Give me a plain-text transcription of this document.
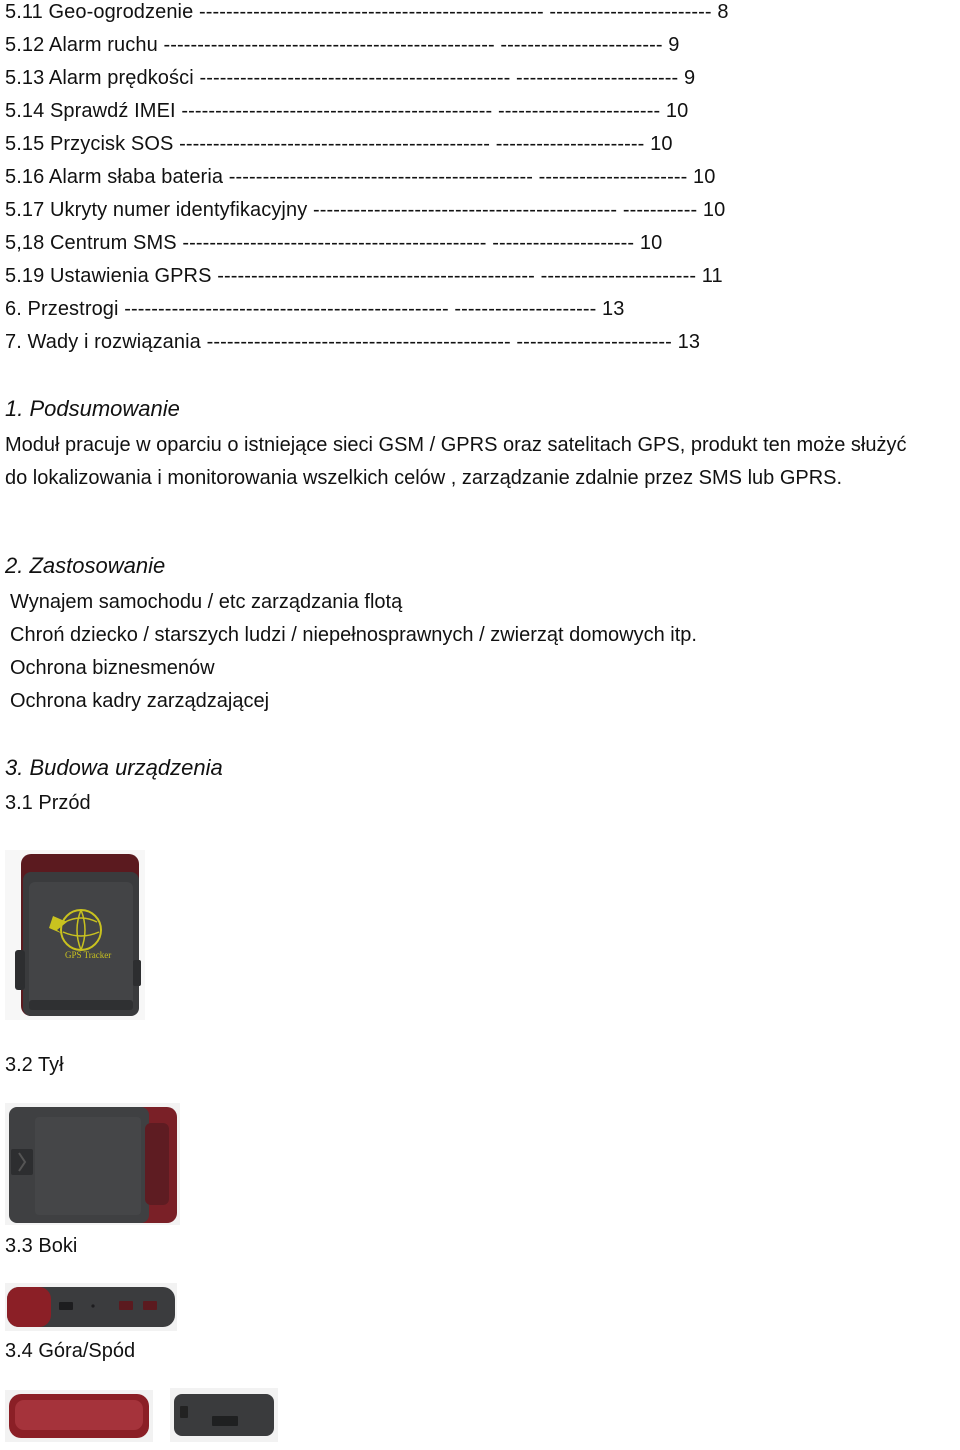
5.11 Geo-ogrodzenie --------------------------------------------------- ------------------------ 8
5.12 Alarm ruchu ------------------------------------------------- ------------------------ 9
5.13 Alarm prędkości ---------------------------------------------- ------------------------ 9
5.14 Sprawdź IMEI ---------------------------------------------- ------------------------ 10
5.15 Przycisk SOS ---------------------------------------------- ---------------------- 10
5.16 Alarm słaba bateria --------------------------------------------- ---------------------- 10
5.17 Ukryty numer identyfikacyjny --------------------------------------------- ----------- 10
5,18 Centrum SMS --------------------------------------------- --------------------- 10
5.19 Ustawienia GPRS ----------------------------------------------- ----------------------- 11
6. Przestrogi ------------------------------------------------ --------------------- 13
7. Wady i rozwiązania --------------------------------------------- ----------------------- 13
1. Podsumowanie
Moduł pracuje w oparciu o istniejące sieci GSM / GPRS oraz satelitach GPS, produkt ten może służyć
do lokalizowania i monitorowania wszelkich celów , zarządzanie zdalnie przez SMS lub GPRS.
2. Zastosowanie
Wynajem samochodu / etc zarządzania flotą
Chroń dziecko / starszych ludzi / niepełnosprawnych / zwierząt domowych itp.
Ochrona biznesmenów
Ochrona kadry zarządzającej
3. Budowa urządzenia
3.1 Przód
GPS Tracker
3.2 Tył
3.3 Boki
3.4 Góra/Spód
